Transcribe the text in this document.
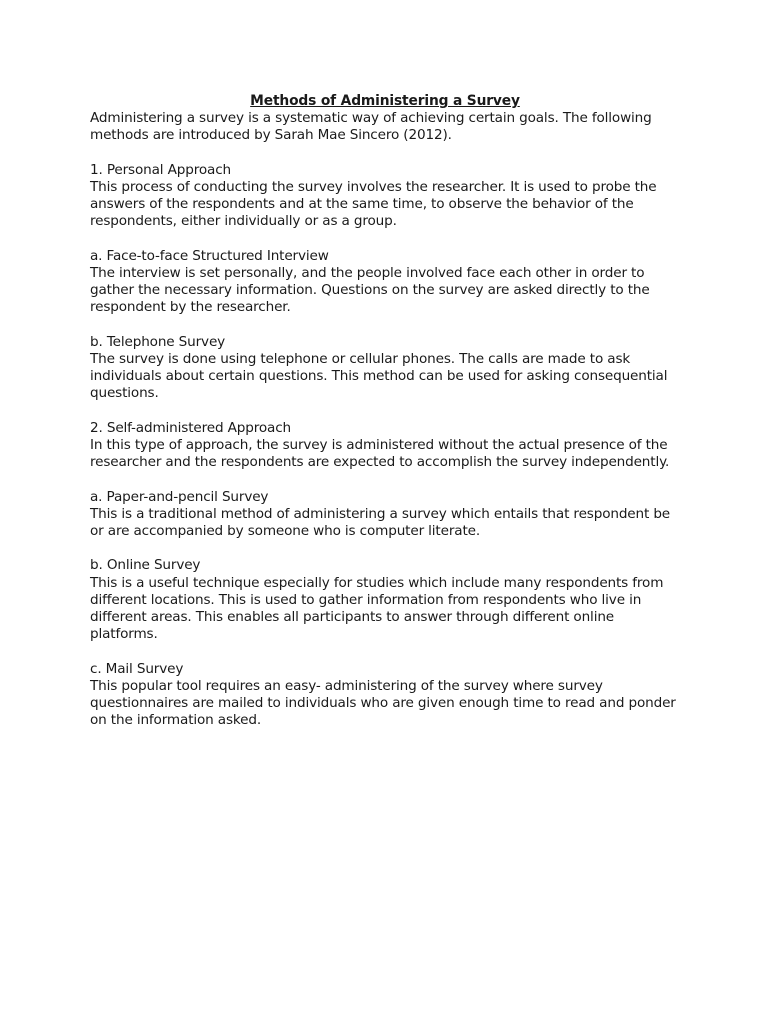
Methods of Administering a Survey

Administering a survey is a systematic way of achieving certain goals. The following methods are introduced by Sarah Mae Sincero (2012).

1. Personal Approach

This process of conducting the survey involves the researcher. It is used to probe the answers of the respondents and at the same time, to observe the behavior of the respondents, either individually or as a group.

a. Face-to-face Structured Interview

The interview is set personally, and the people involved face each other in order to gather the necessary information. Questions on the survey are asked directly to the respondent by the researcher.

b. Telephone Survey

The survey is done using telephone or cellular phones. The calls are made to ask individuals about certain questions. This method can be used for asking consequential questions.

2. Self-administered Approach

In this type of approach, the survey is administered without the actual presence of the researcher and the respondents are expected to accomplish the survey independently.

a. Paper-and-pencil Survey

This is a traditional method of administering a survey which entails that respondent be or are accompanied by someone who is computer literate.

b. Online Survey

This is a useful technique especially for studies which include many respondents from different locations. This is used to gather information from respondents who live in different areas. This enables all participants to answer through different online platforms.

c. Mail Survey

This popular tool requires an easy- administering of the survey where survey questionnaires are mailed to individuals who are given enough time to read and ponder on the information asked.
